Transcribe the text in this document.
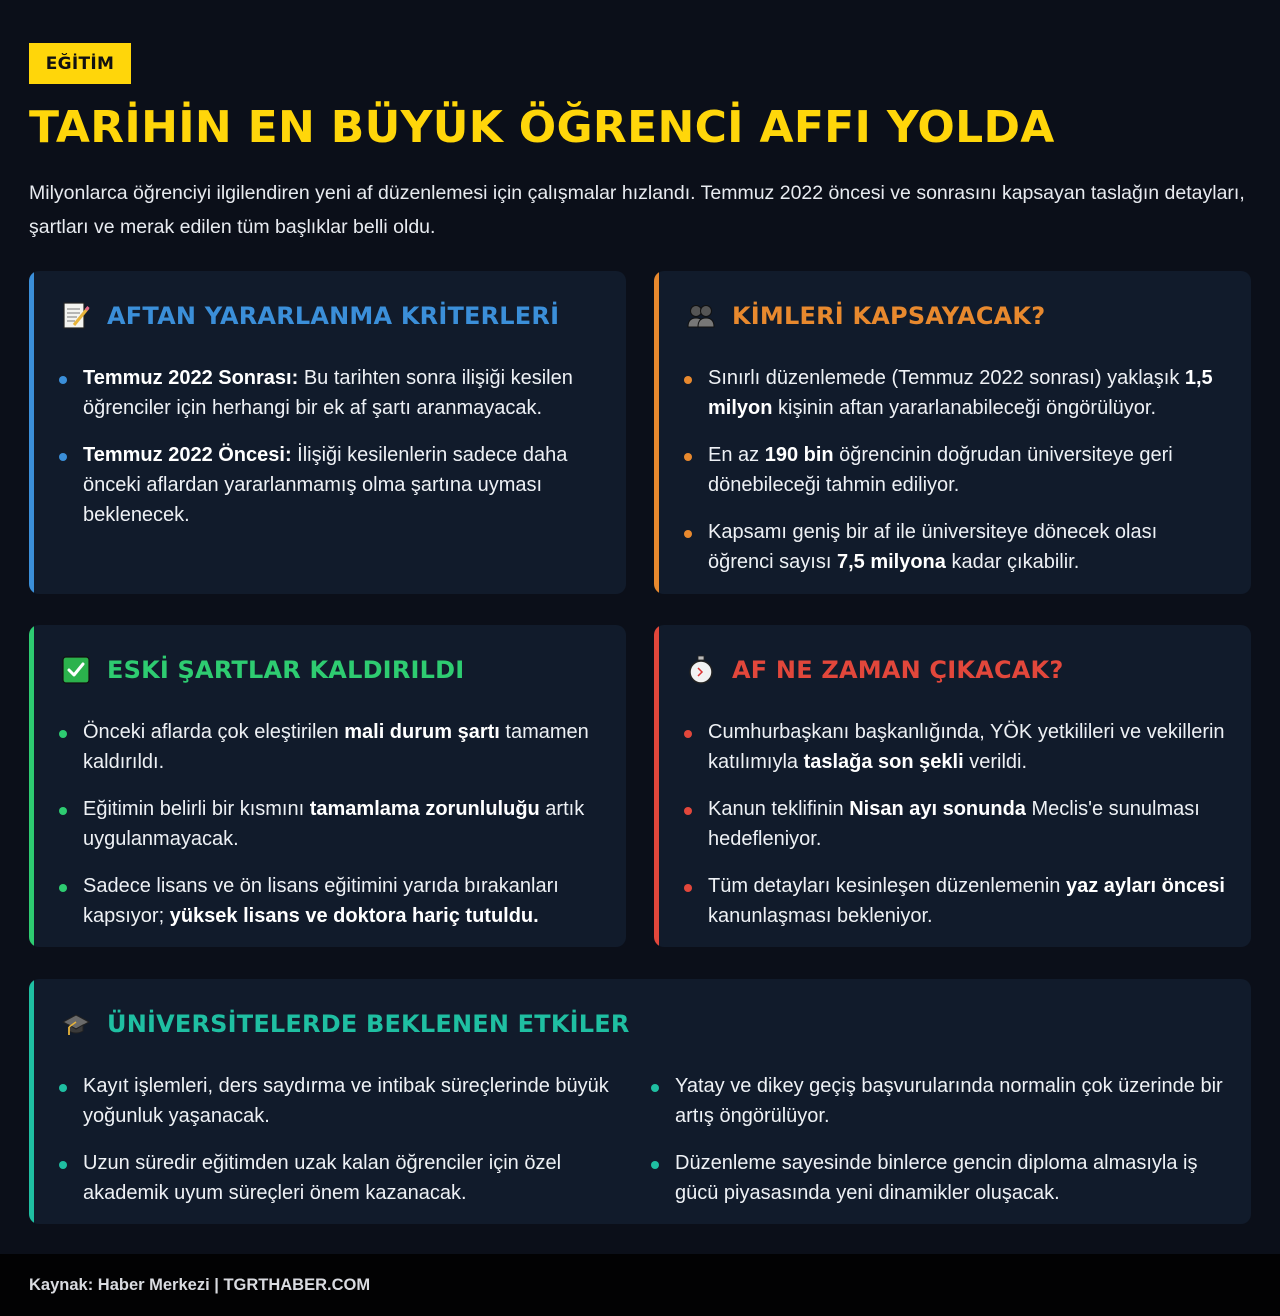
EĞİTİM
TARİHİN EN BÜYÜK ÖĞRENCİ AFFI YOLDA

Milyonlarca öğrenciyi ilgilendiren yeni af düzenlemesi için çalışmalar hızlandı. Temmuz 2022 öncesi ve sonrasını kapsayan taslağın detayları, şartları ve merak edilen tüm başlıklar belli oldu.

AFTAN YARARLANMA KRİTERLERİ
Temmuz 2022 Sonrası: Bu tarihten sonra ilişiği kesilen öğrenciler için herhangi bir ek af şartı aranmayacak.
Temmuz 2022 Öncesi: İlişiği kesilenlerin sadece daha önceki aflardan yararlanmamış olma şartına uyması beklenecek.
KİMLERİ KAPSAYACAK?
Sınırlı düzenlemede (Temmuz 2022 sonrası) yaklaşık 1,5 milyon kişinin aftan yararlanabileceği öngörülüyor.
En az 190 bin öğrencinin doğrudan üniversiteye geri dönebileceği tahmin ediliyor.
Kapsamı geniş bir af ile üniversiteye dönecek olası öğrenci sayısı 7,5 milyona kadar çıkabilir.
ESKİ ŞARTLAR KALDIRILDI
Önceki aflarda çok eleştirilen mali durum şartı tamamen kaldırıldı.
Eğitimin belirli bir kısmını tamamlama zorunluluğu artık uygulanmayacak.
Sadece lisans ve ön lisans eğitimini yarıda bırakanları kapsıyor; yüksek lisans ve doktora hariç tutuldu.
AF NE ZAMAN ÇIKACAK?
Cumhurbaşkanı başkanlığında, YÖK yetkilileri ve vekillerin katılımıyla taslağa son şekli verildi.
Kanun teklifinin Nisan ayı sonunda Meclis'e sunulması hedefleniyor.
Tüm detayları kesinleşen düzenlemenin yaz ayları öncesi kanunlaşması bekleniyor.
ÜNİVERSİTELERDE BEKLENEN ETKİLER
Kayıt işlemleri, ders saydırma ve intibak süreçlerinde büyük yoğunluk yaşanacak.
Yatay ve dikey geçiş başvurularında normalin çok üzerinde bir artış öngörülüyor.
Uzun süredir eğitimden uzak kalan öğrenciler için özel akademik uyum süreçleri önem kazanacak.
Düzenleme sayesinde binlerce gencin diploma almasıyla iş gücü piyasasında yeni dinamikler oluşacak.
Kaynak: Haber Merkezi | TGRTHABER.COM
